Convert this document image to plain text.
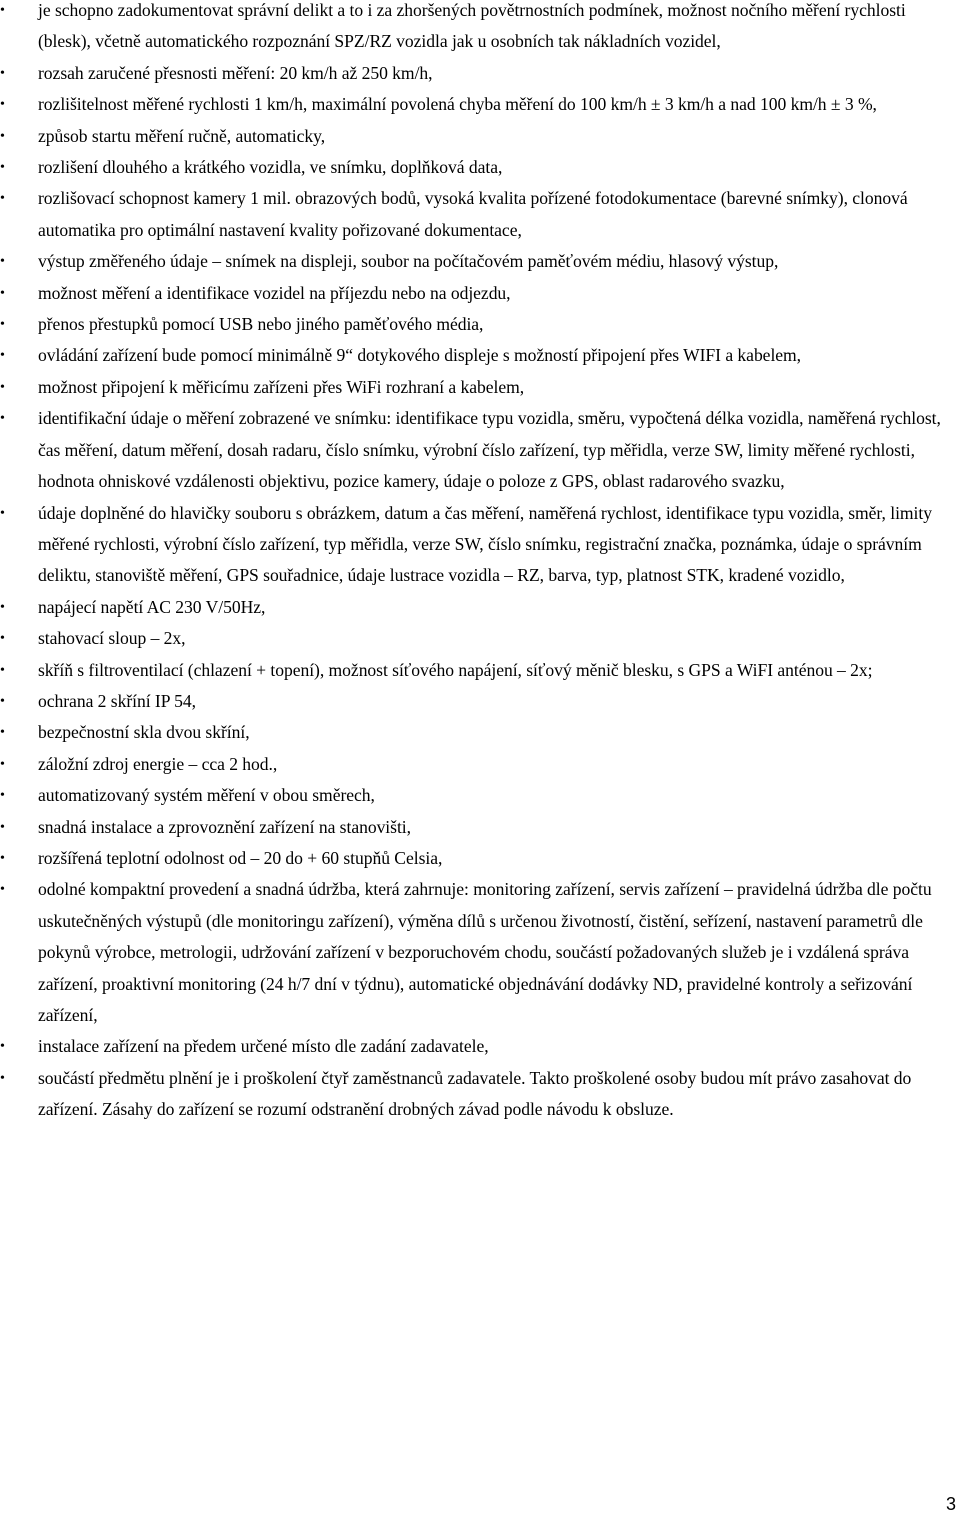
• je schopno zadokumentovat správní delikt a to i za zhoršených povětrnostních podmínek, možnost nočního měření rychlosti (blesk), včetně automatického rozpoznání SPZ/RZ vozidla jak u osobních tak nákladních vozidel,
• rozsah zaručené přesnosti měření: 20 km/h až 250 km/h,
• rozlišitelnost měřené rychlosti 1 km/h, maximální povolená chyba měření do 100 km/h ± 3 km/h a nad 100 km/h ± 3 %,
• způsob startu měření ručně, automaticky,
• rozlišení dlouhého a krátkého vozidla, ve snímku, doplňková data,
• rozlišovací schopnost kamery 1 mil. obrazových bodů, vysoká kvalita pořízené fotodokumentace (barevné snímky), clonová automatika pro optimální nastavení kvality pořizované dokumentace,
• výstup změřeného údaje – snímek na displeji, soubor na počítačovém paměťovém médiu, hlasový výstup,
• možnost měření a identifikace vozidel na příjezdu nebo na odjezdu,
• přenos přestupků pomocí USB nebo jiného paměťového média,
• ovládání zařízení bude pomocí minimálně 9“ dotykového displeje s možností připojení přes WIFI a kabelem,
• možnost připojení k měřicímu zařízeni přes WiFi rozhraní a kabelem,
• identifikační údaje o měření zobrazené ve snímku: identifikace typu vozidla, směru, vypočtená délka vozidla, naměřená rychlost, čas měření, datum měření, dosah radaru, číslo snímku, výrobní číslo zařízení, typ měřidla, verze SW, limity měřené rychlosti, hodnota ohniskové vzdálenosti objektivu, pozice kamery, údaje o poloze z GPS, oblast radarového svazku,
• údaje doplněné do hlavičky souboru s obrázkem, datum a čas měření, naměřená rychlost, identifikace typu vozidla, směr, limity měřené rychlosti, výrobní číslo zařízení, typ měřidla, verze SW, číslo snímku, registrační značka, poznámka, údaje o správním deliktu, stanoviště měření, GPS souřadnice, údaje lustrace vozidla – RZ, barva, typ, platnost STK, kradené vozidlo,
• napájecí napětí AC 230 V/50Hz,
• stahovací sloup – 2x,
• skříň s filtroventilací (chlazení + topení), možnost síťového napájení, síťový měnič blesku, s GPS a WiFI anténou – 2x;
• ochrana 2 skříní IP 54,
• bezpečnostní skla dvou skříní,
• záložní zdroj energie – cca 2 hod.,
• automatizovaný systém měření v obou směrech,
• snadná instalace a zprovoznění zařízení na stanovišti,
• rozšířená teplotní odolnost od – 20 do + 60 stupňů Celsia,
• odolné kompaktní provedení a snadná údržba, která zahrnuje: monitoring zařízení, servis zařízení – pravidelná údržba dle počtu uskutečněných výstupů (dle monitoringu zařízení), výměna dílů s určenou životností, čistění, seřízení, nastavení parametrů dle pokynů výrobce, metrologii, udržování zařízení v bezporuchovém chodu, součástí požadovaných služeb je i vzdálená správa zařízení, proaktivní monitoring (24 h/7 dní v týdnu), automatické objednávání dodávky ND, pravidelné kontroly a seřizování zařízení,
• instalace zařízení na předem určené místo dle zadání zadavatele,
• součástí předmětu plnění je i proškolení čtyř zaměstnanců zadavatele. Takto proškolené osoby budou mít právo zasahovat do zařízení. Zásahy do zařízení se rozumí odstranění drobných závad podle návodu k obsluze.
3
